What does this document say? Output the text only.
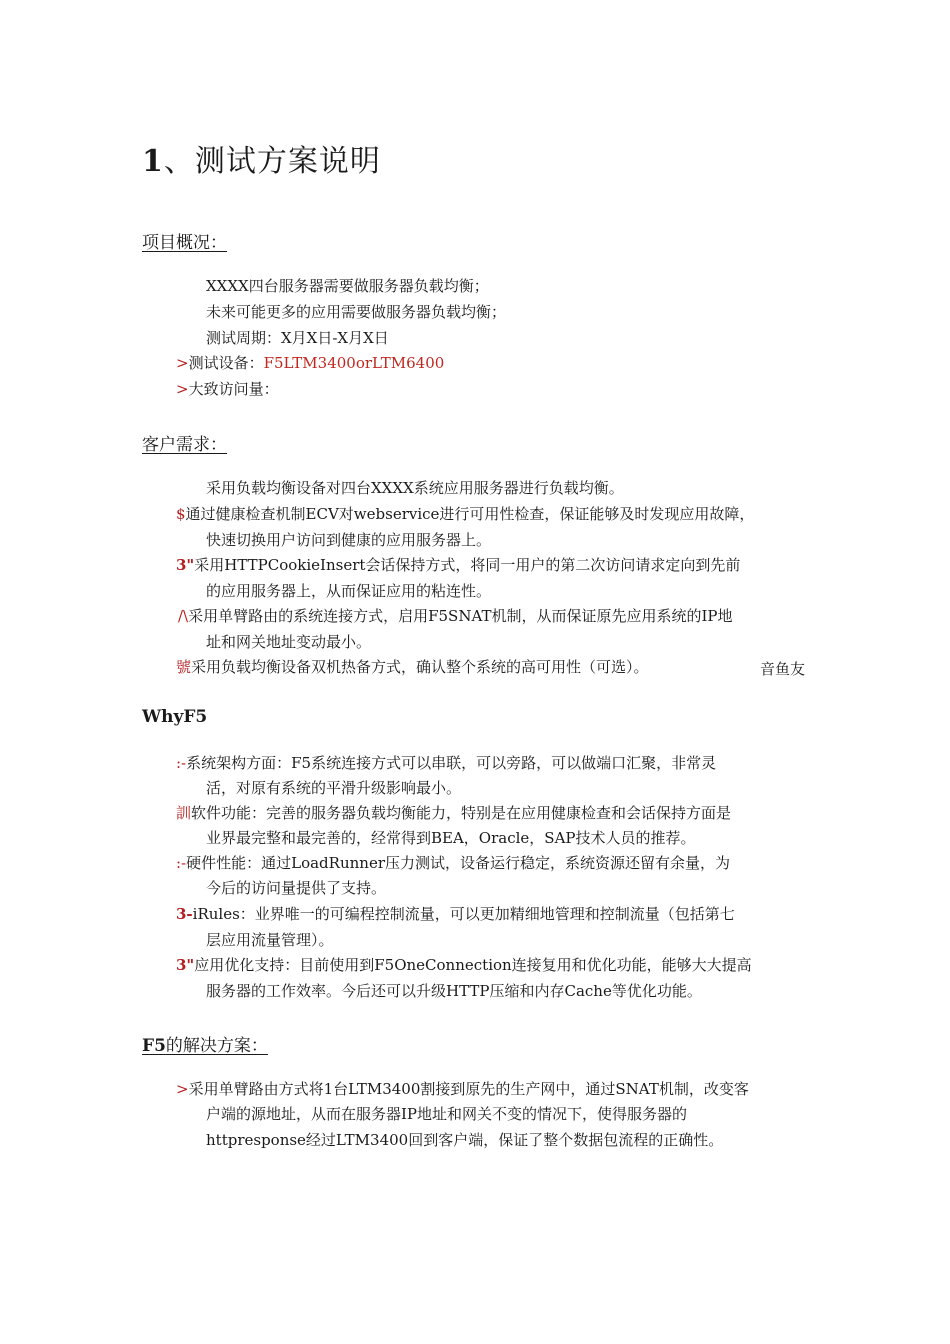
1、测试方案说明
项目概况：
XXXX四台服务器需要做服务器负载均衡；
未来可能更多的应用需要做服务器负载均衡；
测试周期：X月X日-X月X日
>测试设备：F5LTM3400orLTM6400
>大致访问量：
客户需求：
采用负载均衡设备对四台XXXX系统应用服务器进行负载均衡。
$通过健康检查机制ECV对webservice进行可用性检查，保证能够及时发现应用故障，
快速切换用户访问到健康的应用服务器上。
3"采用HTTPCookieInsert会话保持方式，将同一用户的第二次访问请求定向到先前
的应用服务器上，从而保证应用的粘连性。
/\采用单臂路由的系统连接方式，启用F5SNAT机制，从而保证原先应用系统的IP地
址和网关地址变动最小。
號采用负载均衡设备双机热备方式，确认整个系统的高可用性（可选）。	音鱼友
WhyF5
:-系统架构方面：F5系统连接方式可以串联，可以旁路，可以做端口汇聚，非常灵
活，对原有系统的平滑升级影响最小。
訓软件功能：完善的服务器负载均衡能力，特别是在应用健康检查和会话保持方面是
业界最完整和最完善的，经常得到BEA，Oracle，SAP技术人员的推荐。
:-硬件性能：通过LoadRunner压力测试，设备运行稳定，系统资源还留有余量，为
今后的访问量提供了支持。
3-iRules：业界唯一的可编程控制流量，可以更加精细地管理和控制流量（包括第七
层应用流量管理）。
3"应用优化支持：目前使用到F5OneConnection连接复用和优化功能，能够大大提高
服务器的工作效率。今后还可以升级HTTP压缩和内存Cache等优化功能。
F5的解决方案：
>采用单臂路由方式将1台LTM3400割接到原先的生产网中，通过SNAT机制，改变客
户端的源地址，从而在服务器IP地址和网关不变的情况下，使得服务器的
httpresponse经过LTM3400回到客户端，保证了整个数据包流程的正确性。
